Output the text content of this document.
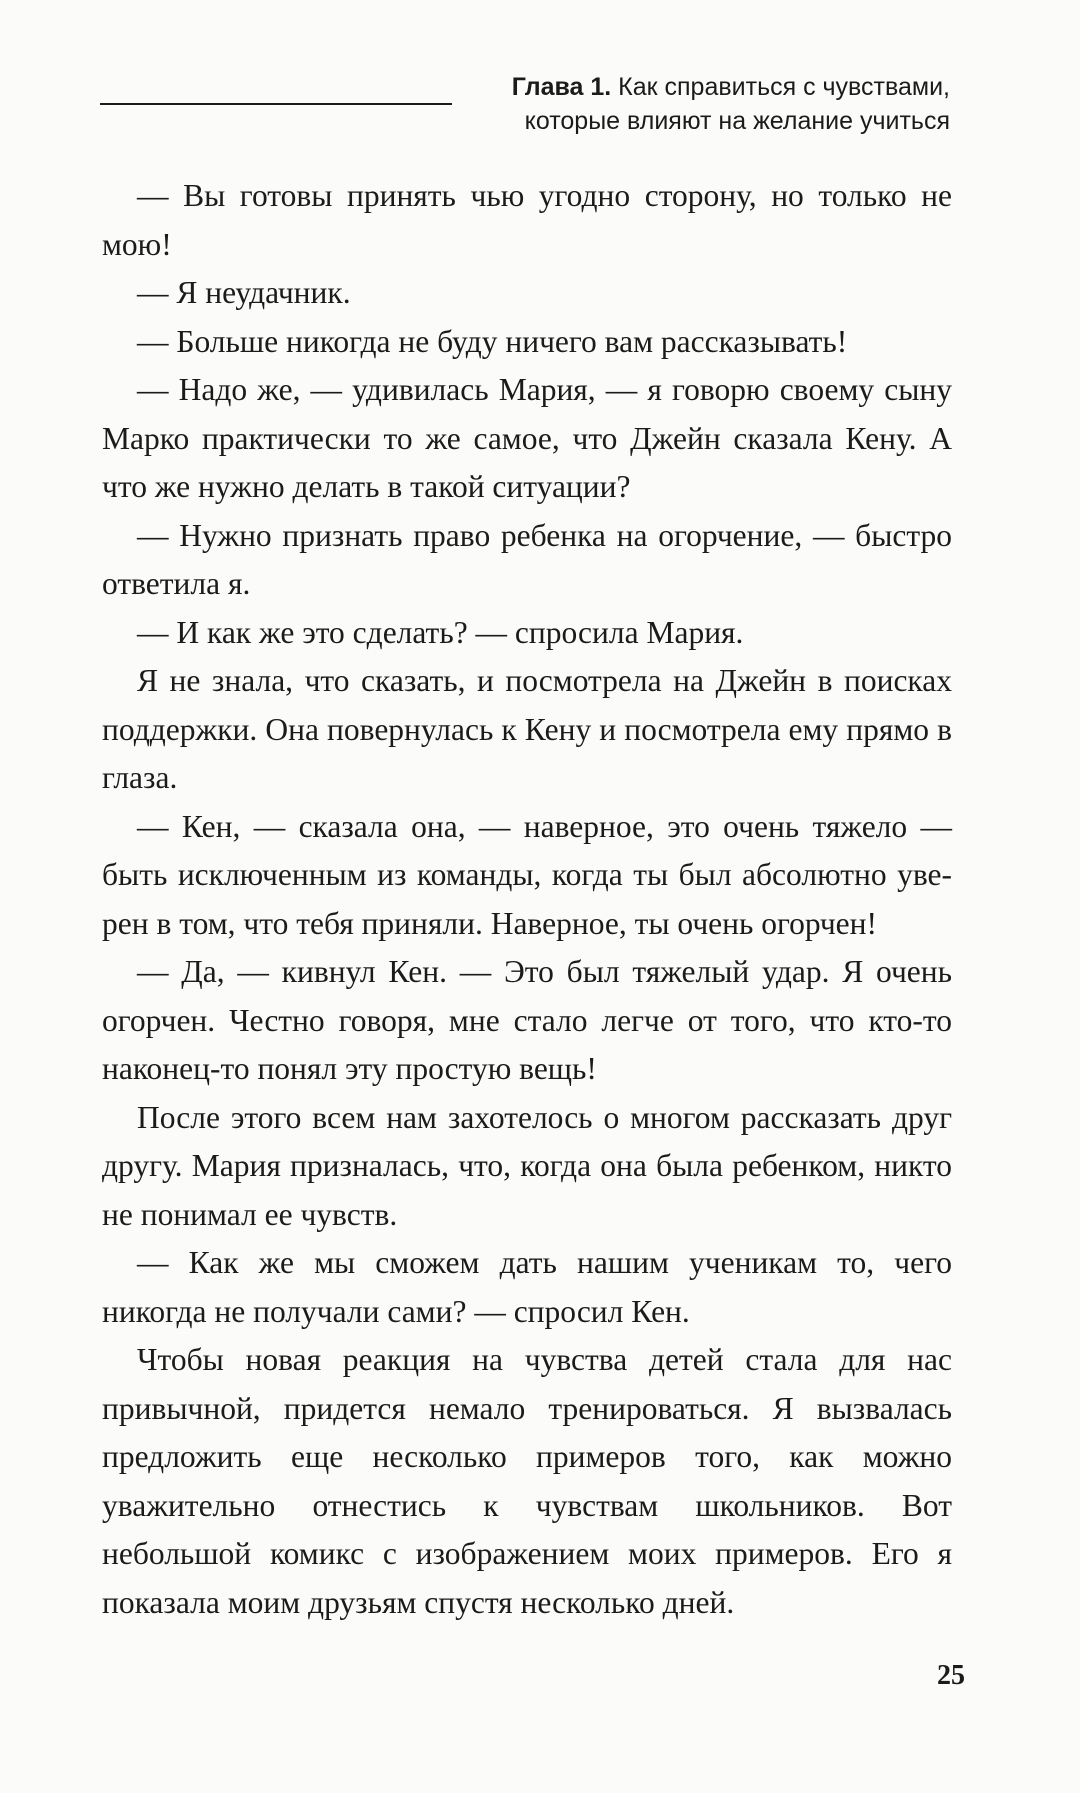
Глава 1. Как справиться с чувствами,
которые влияют на желание учиться

— Вы готовы принять чью угодно сторону, но только не мою!

— Я неудачник.

— Больше никогда не буду ничего вам рассказывать!

— Надо же, — удивилась Мария, — я говорю своему сыну Марко практически то же самое, что Джейн сказала Кену. А что же нужно делать в такой ситуации?

— Нужно признать право ребенка на огорчение, — быстро ответила я.

— И как же это сделать? — спросила Мария.

Я не знала, что сказать, и посмотрела на Джейн в поисках поддержки. Она повернулась к Кену и посмотрела ему прямо в глаза.

— Кен, — сказала она, — наверное, это очень тяжело — быть исключенным из команды, когда ты был абсолютно уверен в том, что тебя приняли. Наверное, ты очень огорчен!

— Да, — кивнул Кен. — Это был тяжелый удар. Я очень огорчен. Честно говоря, мне стало легче от того, что кто-то наконец-то понял эту простую вещь!

После этого всем нам захотелось о многом рассказать друг другу. Мария призналась, что, когда она была ребенком, никто не понимал ее чувств.

— Как же мы сможем дать нашим ученикам то, чего никогда не получали сами? — спросил Кен.

Чтобы новая реакция на чувства детей стала для нас привычной, придется немало тренироваться. Я вызвалась предложить еще несколько примеров того, как можно уважительно отнестись к чувствам школьников. Вот небольшой комикс с изображением моих примеров. Его я показала моим друзьям спустя несколько дней.

25
